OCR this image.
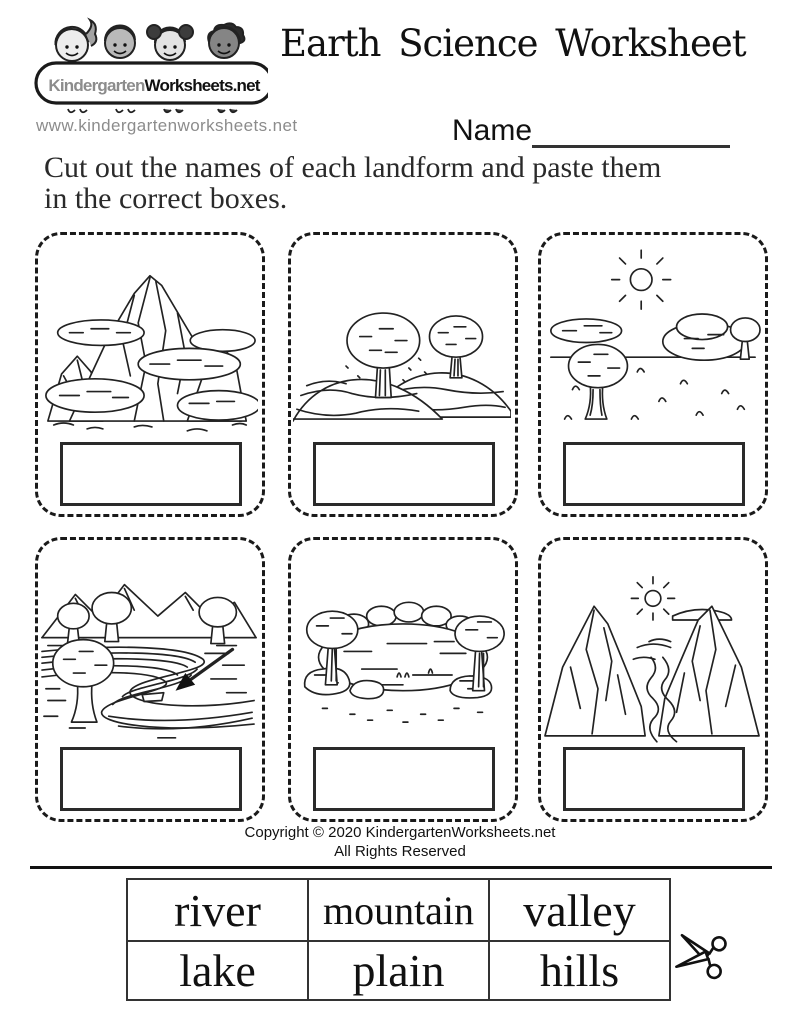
KindergartenWorksheets.net
Earth Science Worksheet
www.kindergartenworksheets.net	Name

Cut out the names of each landform and paste them
in the correct boxes.

Copyright © 2020 KindergartenWorksheets.net
All Rights Reserved
river	mountain	valley
lake	plain	hills
